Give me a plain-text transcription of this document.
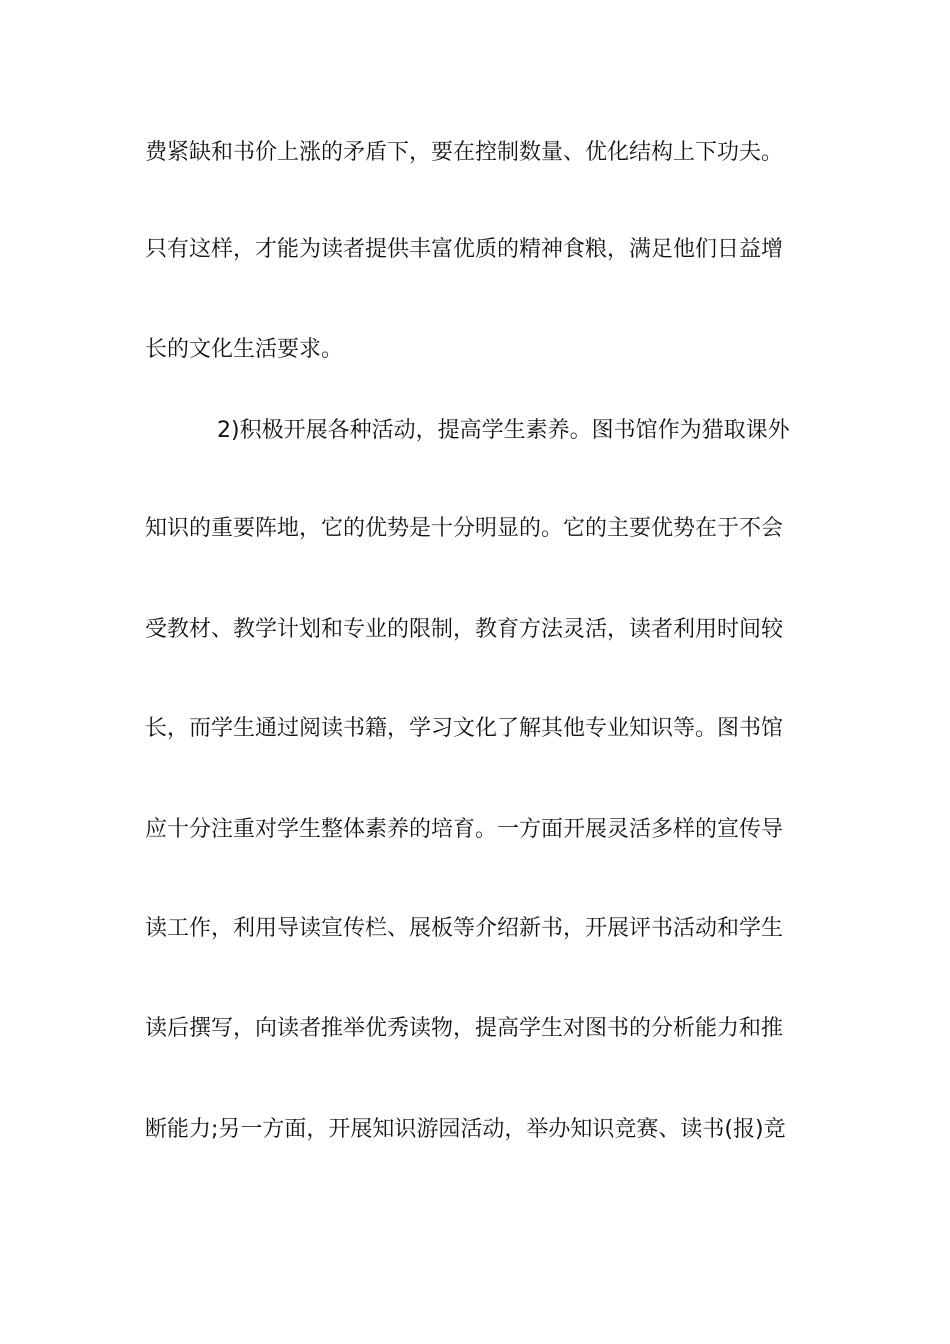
费紧缺和书价上涨的矛盾下，要在控制数量、优化结构上下功夫。
只有这样，才能为读者提供丰富优质的精神食粮，满足他们日益增
长的文化生活要求。
2)积极开展各种活动，提高学生素养。图书馆作为猎取课外
知识的重要阵地，它的优势是十分明显的。它的主要优势在于不会
受教材、教学计划和专业的限制，教育方法灵活，读者利用时间较
长，而学生通过阅读书籍，学习文化了解其他专业知识等。图书馆
应十分注重对学生整体素养的培育。一方面开展灵活多样的宣传导
读工作，利用导读宣传栏、展板等介绍新书，开展评书活动和学生
读后撰写，向读者推举优秀读物，提高学生对图书的分析能力和推
断能力;另一方面，开展知识游园活动，举办知识竞赛、读书(报)竞
